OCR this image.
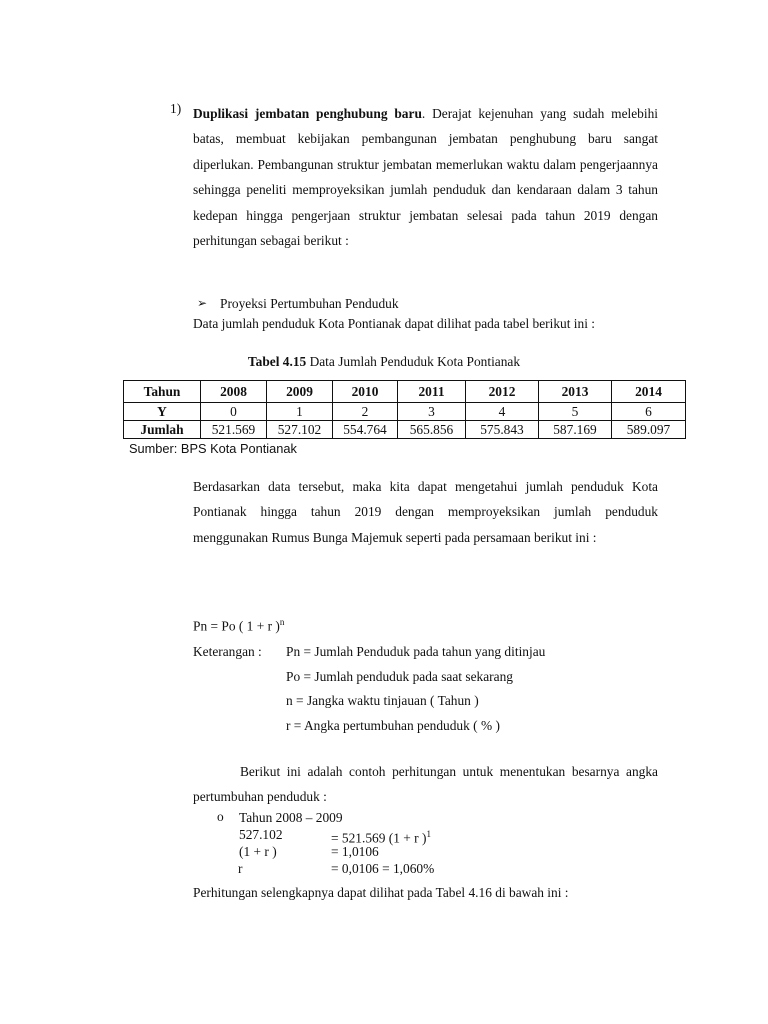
1) Duplikasi jembatan penghubung baru. Derajat kejenuhan yang sudah melebihi batas, membuat kebijakan pembangunan jembatan penghubung baru sangat diperlukan. Pembangunan struktur jembatan memerlukan waktu dalam pengerjaannya sehingga peneliti memproyeksikan jumlah penduduk dan kendaraan dalam 3 tahun kedepan hingga pengerjaan struktur jembatan selesai pada tahun 2019 dengan perhitungan sebagai berikut :
➢ Proyeksi Pertumbuhan Penduduk
Data jumlah penduduk Kota Pontianak dapat dilihat pada tabel berikut ini :
Tabel 4.15 Data Jumlah Penduduk Kota Pontianak
Tahun	2008	2009	2010	2011	2012	2013	2014
Y	0	1	2	3	4	5	6
Jumlah	521.569	527.102	554.764	565.856	575.843	587.169	589.097
Sumber: BPS Kota Pontianak
Berdasarkan data tersebut, maka kita dapat mengetahui jumlah penduduk Kota Pontianak hingga tahun 2019 dengan memproyeksikan jumlah penduduk menggunakan Rumus Bunga Majemuk seperti pada persamaan berikut ini :
Pn = Po ( 1 + r )$^n$
Keterangan : Pn = Jumlah Penduduk pada tahun yang ditinjau
Po = Jumlah penduduk pada saat sekarang
n = Jangka waktu tinjauan ( Tahun )
r = Angka pertumbuhan penduduk ( % )
Berikut ini adalah contoh perhitungan untuk menentukan besarnya angka pertumbuhan penduduk :
o Tahun 2008 – 2009
527.102	= 521.569 (1 + r )$^1$
(1 + r )	= 1,0106
r	= 0,0106 = 1,060%
Perhitungan selengkapnya dapat dilihat pada Tabel 4.16 di bawah ini :
